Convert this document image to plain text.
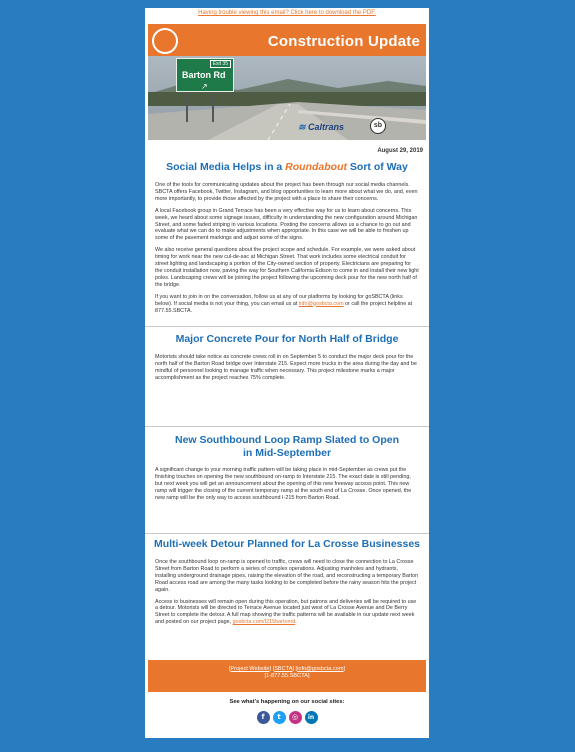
Having trouble viewing this email? Click here to download the PDF.
Construction Update
Exit 35
Barton Rd
↗
≋ Caltrans	sb
August 29, 2019
Social Media Helps in a Roundabout Sort of Way

One of the tools for communicating updates about the project has been through our social media channels. SBCTA offers Facebook, Twitter, Instagram, and blog opportunities to learn more about what we do, and, even more importantly, to provide those affected by the project with a place to share their concerns.

A local Facebook group in Grand Terrace has been a very effective way for us to learn about concerns. This week, we heard about some signage issues, difficulty in understanding the new configuration around Michigan Street, and some faded striping in various locations. Posting the concerns allows us a chance to go out and evaluate what we can do to make adjustments when appropriate. In this case we will be able to freshen up some of the pavement markings and adjust some of the signs.

We also receive general questions about the project scope and schedule. For example, we were asked about timing for work near the new cul-de-sac at Michigan Street. That work includes some electrical conduit for street lighting and landscaping a portion of the City-owned section of property. Electricians are preparing for the conduit installation now, paving the way for Southern California Edison to come in and install their new light poles. Landscaping crews will be joining the project following the upcoming deck pour for the new north half of the bridge.

If you want to join in on the conversation, follow us at any of our platforms by looking for goSBCTA (links below). If social media is not your thing, you can email us at info@gosbcta.com or call the project helpline at 877.55.SBCTA.

Major Concrete Pour for North Half of Bridge

Motorists should take notice as concrete crews roll in on September 5 to conduct the major deck pour for the north half of the Barton Road bridge over Interstate 215. Expect more trucks in the area during the day and be mindful of personnel looking to manage traffic when necessary. This project milestone marks a major accomplishment as the project reaches 75% complete.

New Southbound Loop Ramp Slated to Open
in Mid-September

A significant change to your morning traffic pattern will be taking place in mid-September as crews put the finishing touches on opening the new southbound on-ramp to Interstate 215. The exact date is still pending, but next week you will get an announcement about the opening of this new freeway access point. This new ramp will trigger the closing of the current temporary ramp at the south end of La Crosse. Once opened, the new ramp will be the only way to access southbound I-215 from Barton Road.

Multi-week Detour Planned for La Crosse Businesses

Once the southbound loop on-ramp is opened to traffic, crews will need to close the connection to La Crosse Street from Barton Road to perform a series of complex operations. Adjusting manholes and hydrants, installing underground drainage pipes, raising the elevation of the road, and reconstructing a temporary Barton Road access road are among the many tasks looking to be completed before the rainy season hits the project again.

Access to businesses will remain open during this operation, but patrons and deliveries will be required to use a detour. Motorists will be directed to Terrace Avenue located just west of La Crosse Avenue and De Berry Street to complete the detour. A full map showing the traffic patterns will be available in our update next week and posted on our project page, gosbcta.com/I215bartonrd.

[Project Website] [SBCTA] [info@gosbcta.com]
[1-877.55.SBCTA]
See what's happening on our social sites:
f t ◎ in
